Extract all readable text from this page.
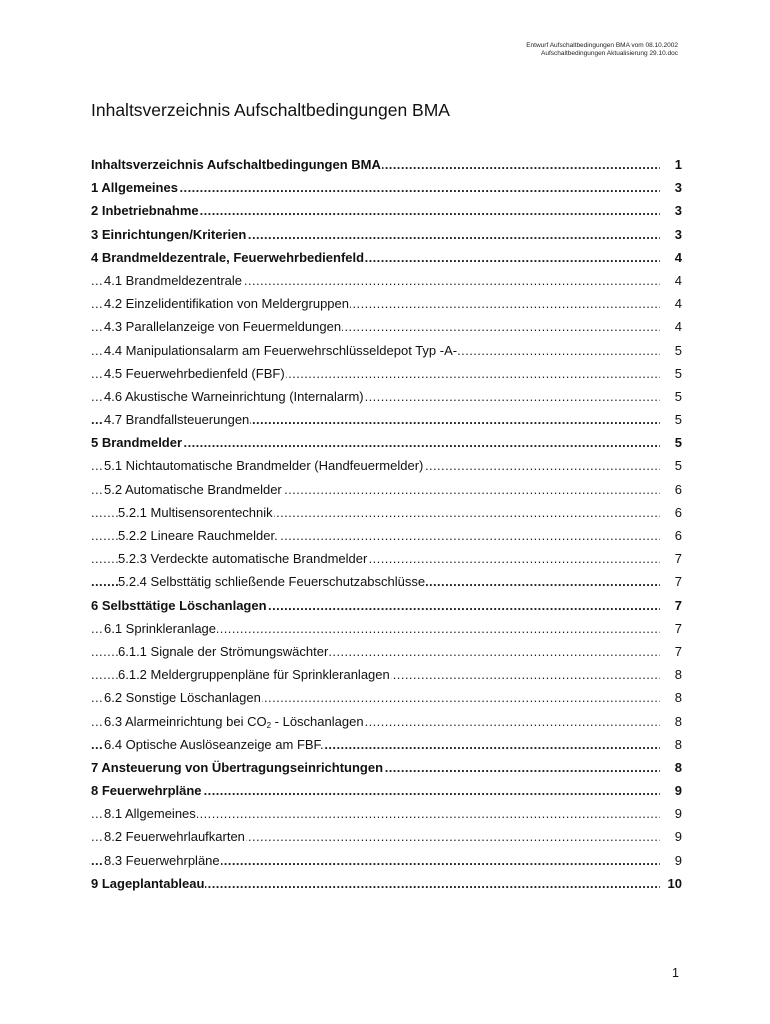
Entwurf Aufschaltbedingungen BMA vom 08.10.2002
Aufschaltbedingungen Aktualisierung 29.10.doc
Inhaltsverzeichnis Aufschaltbedingungen BMA
. . .
Inhaltsverzeichnis Aufschaltbedingungen BMA	1
. . .
1 Allgemeines	3
. . .
2 Inbetriebnahme	3
. . .
3 Einrichtungen/Kriterien	3
. . .
4 Brandmeldezentrale, Feuerwehrbedienfeld	4
. . .
4.1 Brandmeldezentrale	4
. . .
4.2 Einzelidentifikation von Meldergruppen	4
. . .
4.3 Parallelanzeige von Feuermeldungen	4
. . .
4.4 Manipulationsalarm am Feuerwehrschlüsseldepot Typ -A-	5
. . .
4.5 Feuerwehrbedienfeld (FBF)	5
. . .
4.6 Akustische Warneinrichtung (Internalarm)	5
. . .
4.7 Brandfallsteuerungen	5
. . .
5 Brandmelder	5
. . .
5.1 Nichtautomatische Brandmelder (Handfeuermelder)	5
. . .
5.2 Automatische Brandmelder	6
. . .
5.2.1 Multisensorentechnik	6
. . .
5.2.2 Lineare Rauchmelder.	6
. . .
5.2.3 Verdeckte automatische Brandmelder	7
. . .
5.2.4 Selbsttätig schließende Feuerschutzabschlüsse	7
. . .
6 Selbsttätige Löschanlagen	7
. . .
6.1 Sprinkleranlage	7
. . .
6.1.1 Signale der Strömungswächter	7
. . .
6.1.2 Meldergruppenpläne für Sprinkleranlagen	8
. . .
6.2 Sonstige Löschanlagen	8
. . .
6.3 Alarmeinrichtung bei $CO_2$ - Löschanlagen	8
. . .
6.4 Optische Auslöseanzeige am FBF.	8
. . .
7 Ansteuerung von Übertragungseinrichtungen	8
. . .
8 Feuerwehrpläne	9
. . .
8.1 Allgemeines	9
. . .
8.2 Feuerwehrlaufkarten	9
. . .
8.3 Feuerwehrpläne	9
. . .
9 Lageplantableau	10
1
